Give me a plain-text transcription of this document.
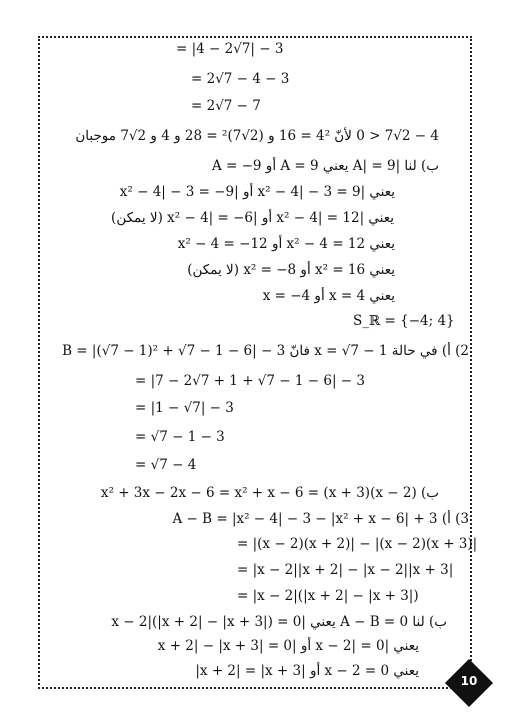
= |4 − 2√7| − 3
= 2√7 − 4 − 3
= 2√7 − 7
4 − 2√7 < 0 لأنّ 4² = 16 و (2√7)² = 28 و 4 و 2√7 موجبان
ب) لنا |A| = 9 يعني A = 9 أو A = −9
يعني |x² − 4| − 3 = 9 أو |x² − 4| − 3 = −9
يعني |x² − 4| = 12 أو |x² − 4| = −6 (لا يمكن)
يعني x² − 4 = 12 أو x² − 4 = −12
يعني x² = 16 أو x² = −8 (لا يمكن)
يعني x = 4 أو x = −4
S_ℝ = {−4; 4}
2) أ) في حالة x = √7 − 1 فانّ B = |(√7 − 1)² + √7 − 1 − 6| − 3
= |7 − 2√7 + 1 + √7 − 1 − 6| − 3
= |1 − √7| − 3
= √7 − 1 − 3
= √7 − 4
ب) (x − 2)(x + 3) = x² + 3x − 2x − 6 = x² + x − 6
3) أ) A − B = |x² − 4| − 3 − |x² + x − 6| + 3
= |(x − 2)(x + 2)| − |(x − 2)(x + 3)|
= |x − 2||x + 2| − |x − 2||x + 3|
= |x − 2|(|x + 2| − |x + 3|)
ب) لنا A − B = 0 يعني |x − 2|(|x + 2| − |x + 3|) = 0
يعني |x − 2| = 0 أو |x + 2| − |x + 3| = 0
يعني x − 2 = 0 أو |x + 2| = |x + 3|
10
